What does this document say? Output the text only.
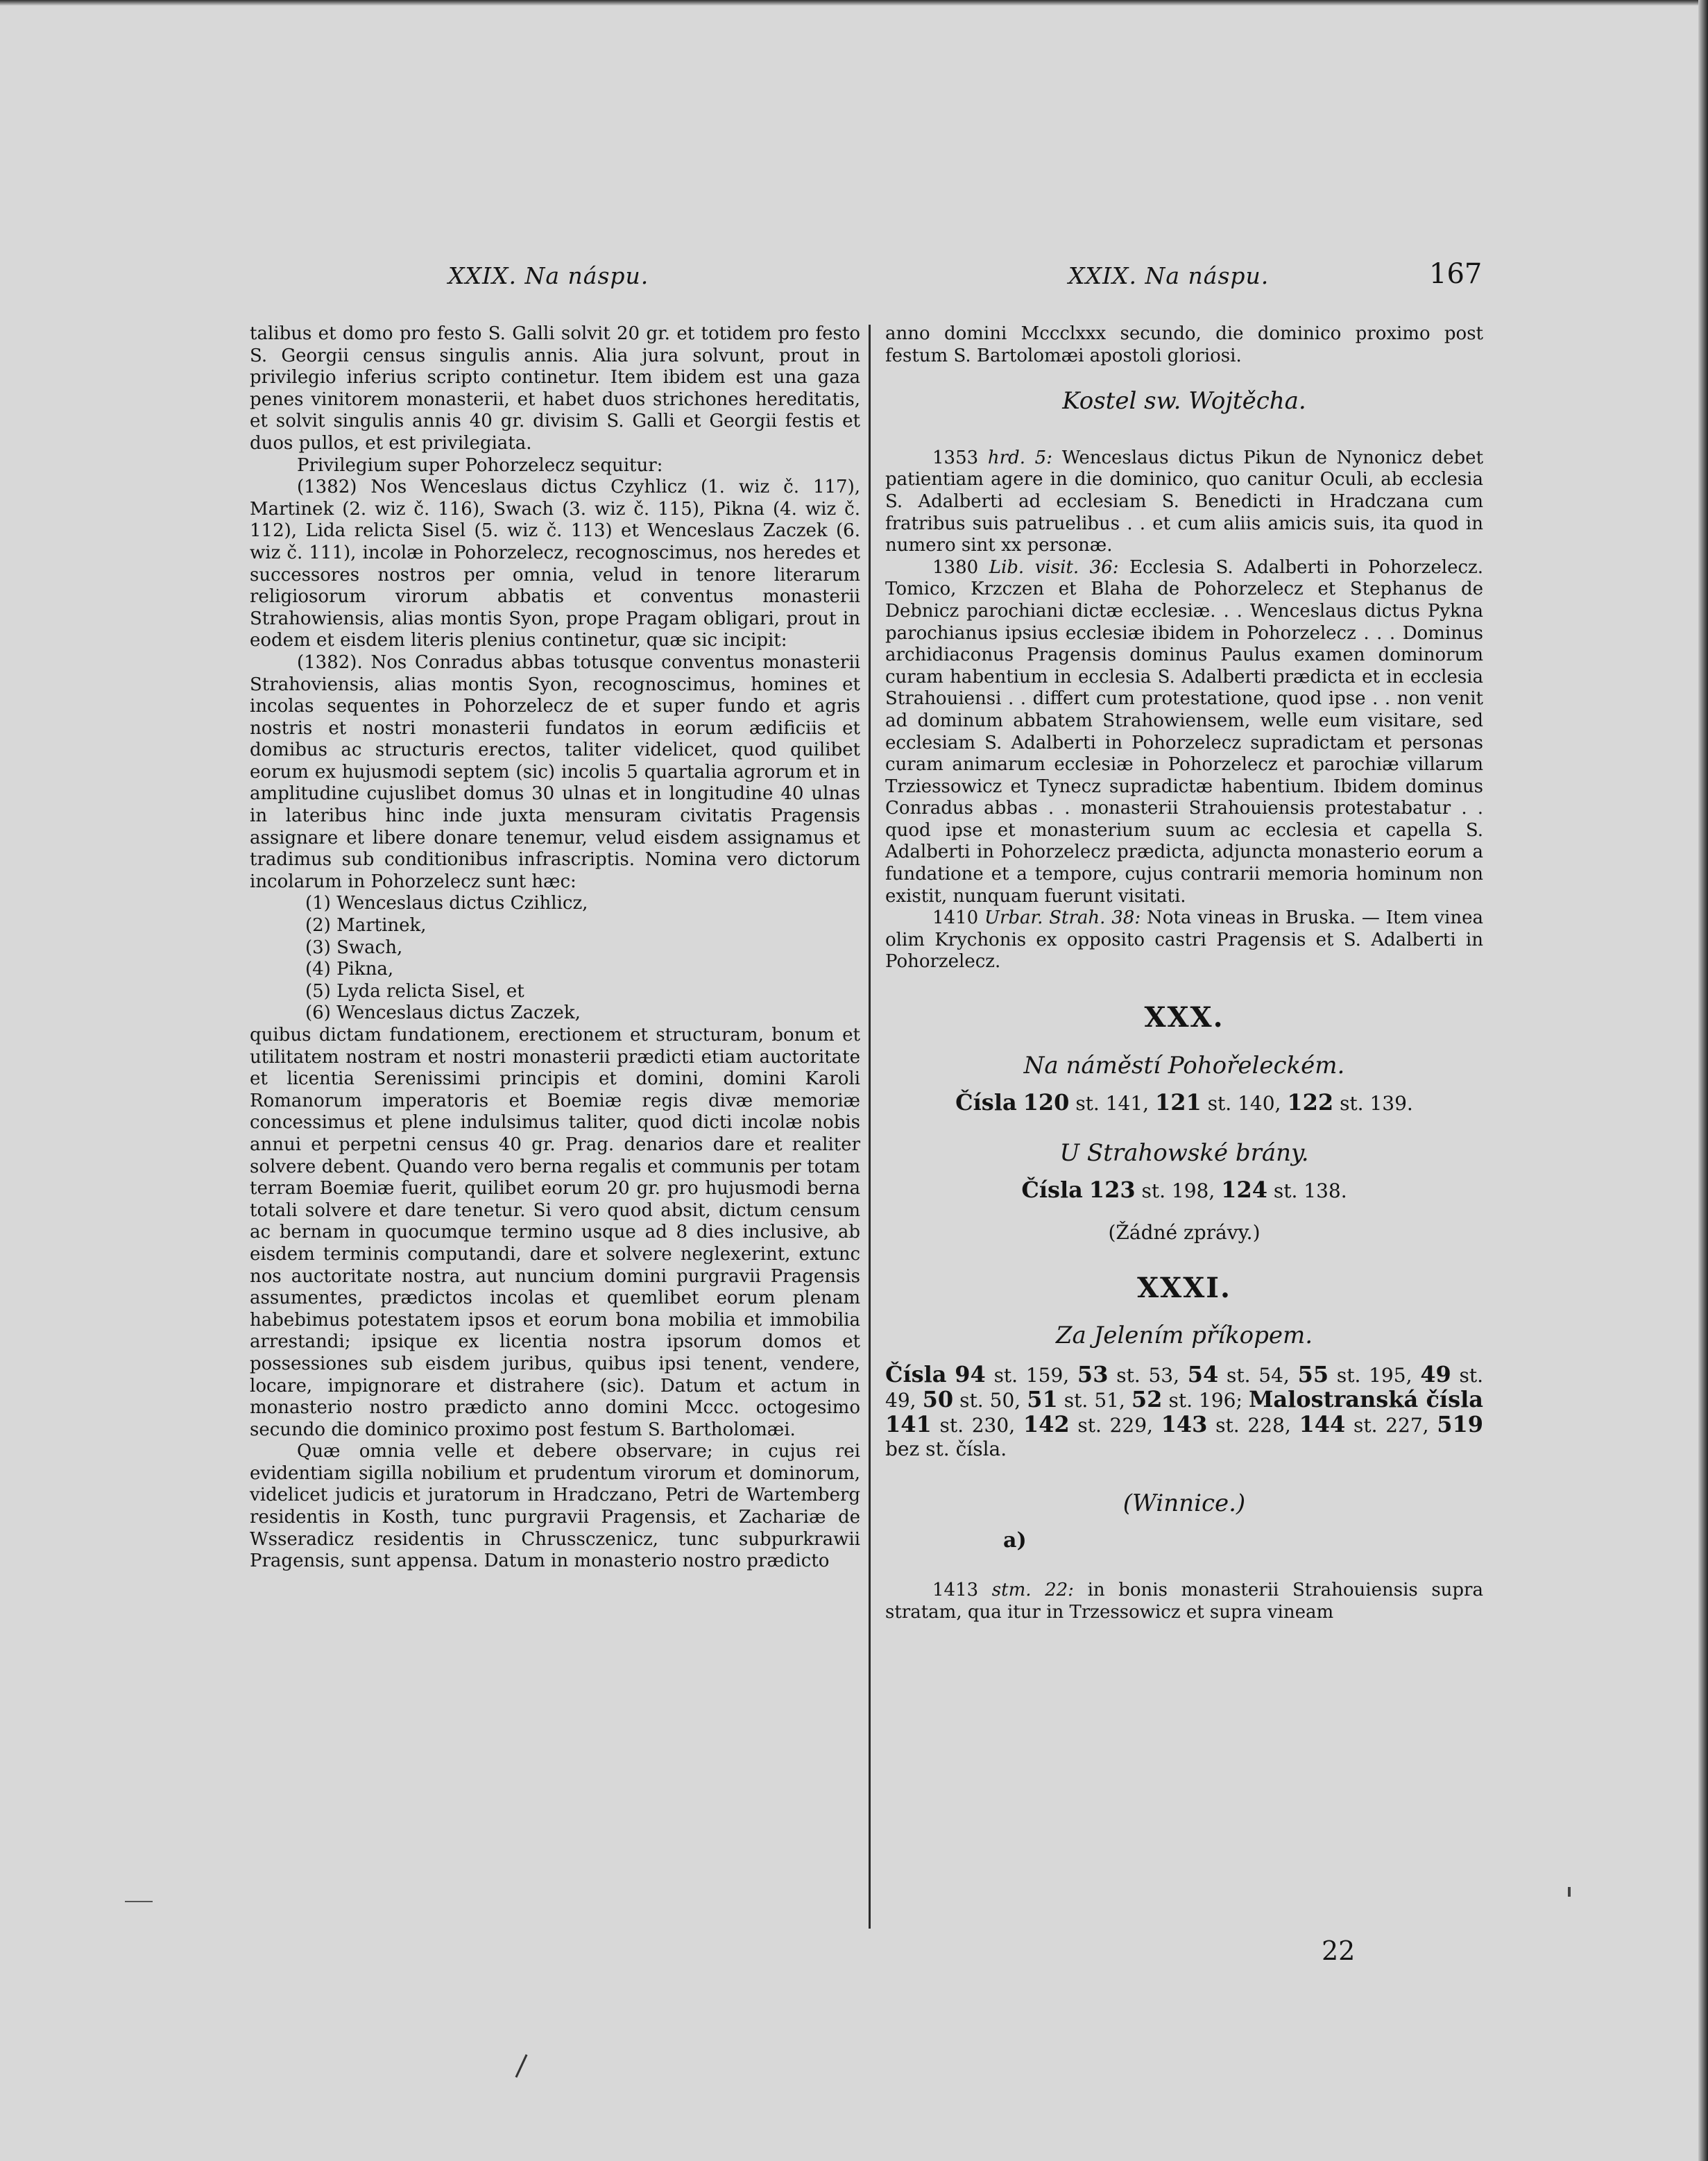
XXIX. Na náspu.	XXIX. Na náspu.	167

talibus et domo pro festo S. Galli solvit 20 gr. et totidem pro festo S. Georgii census singulis annis. Alia jura solvunt, prout in privilegio inferius scripto continetur. Item ibidem est una gaza penes vinitorem monasterii, et habet duos strichones hereditatis, et solvit singulis annis 40 gr. divisim S. Galli et Georgii festis et duos pullos, et est privilegiata.

Privilegium super Pohorzelecz sequitur:

(1382) Nos Wenceslaus dictus Czyhlicz (1. wiz č. 117), Martinek (2. wiz č. 116), Swach (3. wiz č. 115), Pikna (4. wiz č. 112), Lida relicta Sisel (5. wiz č. 113) et Wenceslaus Zaczek (6. wiz č. 111), incolæ in Pohorzelecz, recognoscimus, nos heredes et successores nostros per omnia, velud in tenore literarum religiosorum virorum abbatis et conventus monasterii Strahowiensis, alias montis Syon, prope Pragam obligari, prout in eodem et eisdem literis plenius continetur, quæ sic incipit:

(1382). Nos Conradus abbas totusque conventus monasterii Strahoviensis, alias montis Syon, recognoscimus, homines et incolas sequentes in Pohorzelecz de et super fundo et agris nostris et nostri monasterii fundatos in eorum ædificiis et domibus ac structuris erectos, taliter videlicet, quod quilibet eorum ex hujusmodi septem (sic) incolis 5 quartalia agrorum et in amplitudine cujuslibet domus 30 ulnas et in longitudine 40 ulnas in lateribus hinc inde juxta mensuram civitatis Pragensis assignare et libere donare tenemur, velud eisdem assignamus et tradimus sub conditionibus infrascriptis. Nomina vero dictorum incolarum in Pohorzelecz sunt hæc:

(1) Wenceslaus dictus Czihlicz,
(2) Martinek,
(3) Swach,
(4) Pikna,
(5) Lyda relicta Sisel, et
(6) Wenceslaus dictus Zaczek,

quibus dictam fundationem, erectionem et structuram, bonum et utilitatem nostram et nostri monasterii prædicti etiam auctoritate et licentia Serenissimi principis et domini, domini Karoli Romanorum imperatoris et Boemiæ regis divæ memoriæ concessimus et plene indulsimus taliter, quod dicti incolæ nobis annui et perpetni census 40 gr. Prag. denarios dare et realiter solvere debent. Quando vero berna regalis et communis per totam terram Boemiæ fuerit, quilibet eorum 20 gr. pro hujusmodi berna totali solvere et dare tenetur. Si vero quod absit, dictum censum ac bernam in quocumque termino usque ad 8 dies inclusive, ab eisdem terminis computandi, dare et solvere neglexerint, extunc nos auctoritate nostra, aut nuncium domini purgravii Pragensis assumentes, prædictos incolas et quemlibet eorum plenam habebimus potestatem ipsos et eorum bona mobilia et immobilia arrestandi; ipsique ex licentia nostra ipsorum domos et possessiones sub eisdem juribus, quibus ipsi tenent, vendere, locare, impignorare et distrahere (sic). Datum et actum in monasterio nostro prædicto anno domini Mccc. octogesimo secundo die dominico proximo post festum S. Bartholomæi.

Quæ omnia velle et debere observare; in cujus rei evidentiam sigilla nobilium et prudentum virorum et dominorum, videlicet judicis et juratorum in Hradczano, Petri de Wartemberg residentis in Kosth, tunc purgravii Pragensis, et Zachariæ de Wsseradicz residentis in Chrussczenicz, tunc subpurkrawii Pragensis, sunt appensa. Datum in monasterio nostro prædicto

anno domini Mccclxxx secundo, die dominico proximo post festum S. Bartolomæi apostoli gloriosi.

Kostel sw. Wojtěcha.

1353 hrd. 5: Wenceslaus dictus Pikun de Nynonicz debet patientiam agere in die dominico, quo canitur Oculi, ab ecclesia S. Adalberti ad ecclesiam S. Benedicti in Hradczana cum fratribus suis patruelibus . . et cum aliis amicis suis, ita quod in numero sint xx personæ.

1380 Lib. visit. 36: Ecclesia S. Adalberti in Pohorzelecz. Tomico, Krzczen et Blaha de Pohorzelecz et Stephanus de Debnicz parochiani dictæ ecclesiæ. . . Wenceslaus dictus Pykna parochianus ipsius ecclesiæ ibidem in Pohorzelecz . . . Dominus archidiaconus Pragensis dominus Paulus examen dominorum curam habentium in ecclesia S. Adalberti prædicta et in ecclesia Strahouiensi . . differt cum protestatione, quod ipse . . non venit ad dominum abbatem Strahowiensem, welle eum visitare, sed ecclesiam S. Adalberti in Pohorzelecz supradictam et personas curam animarum ecclesiæ in Pohorzelecz et parochiæ villarum Trziessowicz et Tynecz supradictæ habentium. Ibidem dominus Conradus abbas . . monasterii Strahouiensis protestabatur . . quod ipse et monasterium suum ac ecclesia et capella S. Adalberti in Pohorzelecz prædicta, adjuncta monasterio eorum a fundatione et a tempore, cujus contrarii memoria hominum non existit, nunquam fuerunt visitati.

1410 Urbar. Strah. 38: Nota vineas in Bruska. — Item vinea olim Krychonis ex opposito castri Pragensis et S. Adalberti in Pohorzelecz.

XXX.
Na náměstí Pohořeleckém.
Čísla 120 st. 141, 121 st. 140, 122 st. 139.
U Strahowské brány.
Čísla 123 st. 198, 124 st. 138.
(Žádné zprávy.)
XXXI.
Za Jelením příkopem.
Čísla 94 st. 159, 53 st. 53, 54 st. 54, 55 st. 195, 49 st. 49, 50 st. 50, 51 st. 51, 52 st. 196; Malostranská čísla 141 st. 230, 142 st. 229, 143 st. 228, 144 st. 227, 519 bez st. čísla.
(Winnice.)
a)

1413 stm. 22: in bonis monasterii Strahouiensis supra stratam, qua itur in Trzessowicz et supra vineam

22
